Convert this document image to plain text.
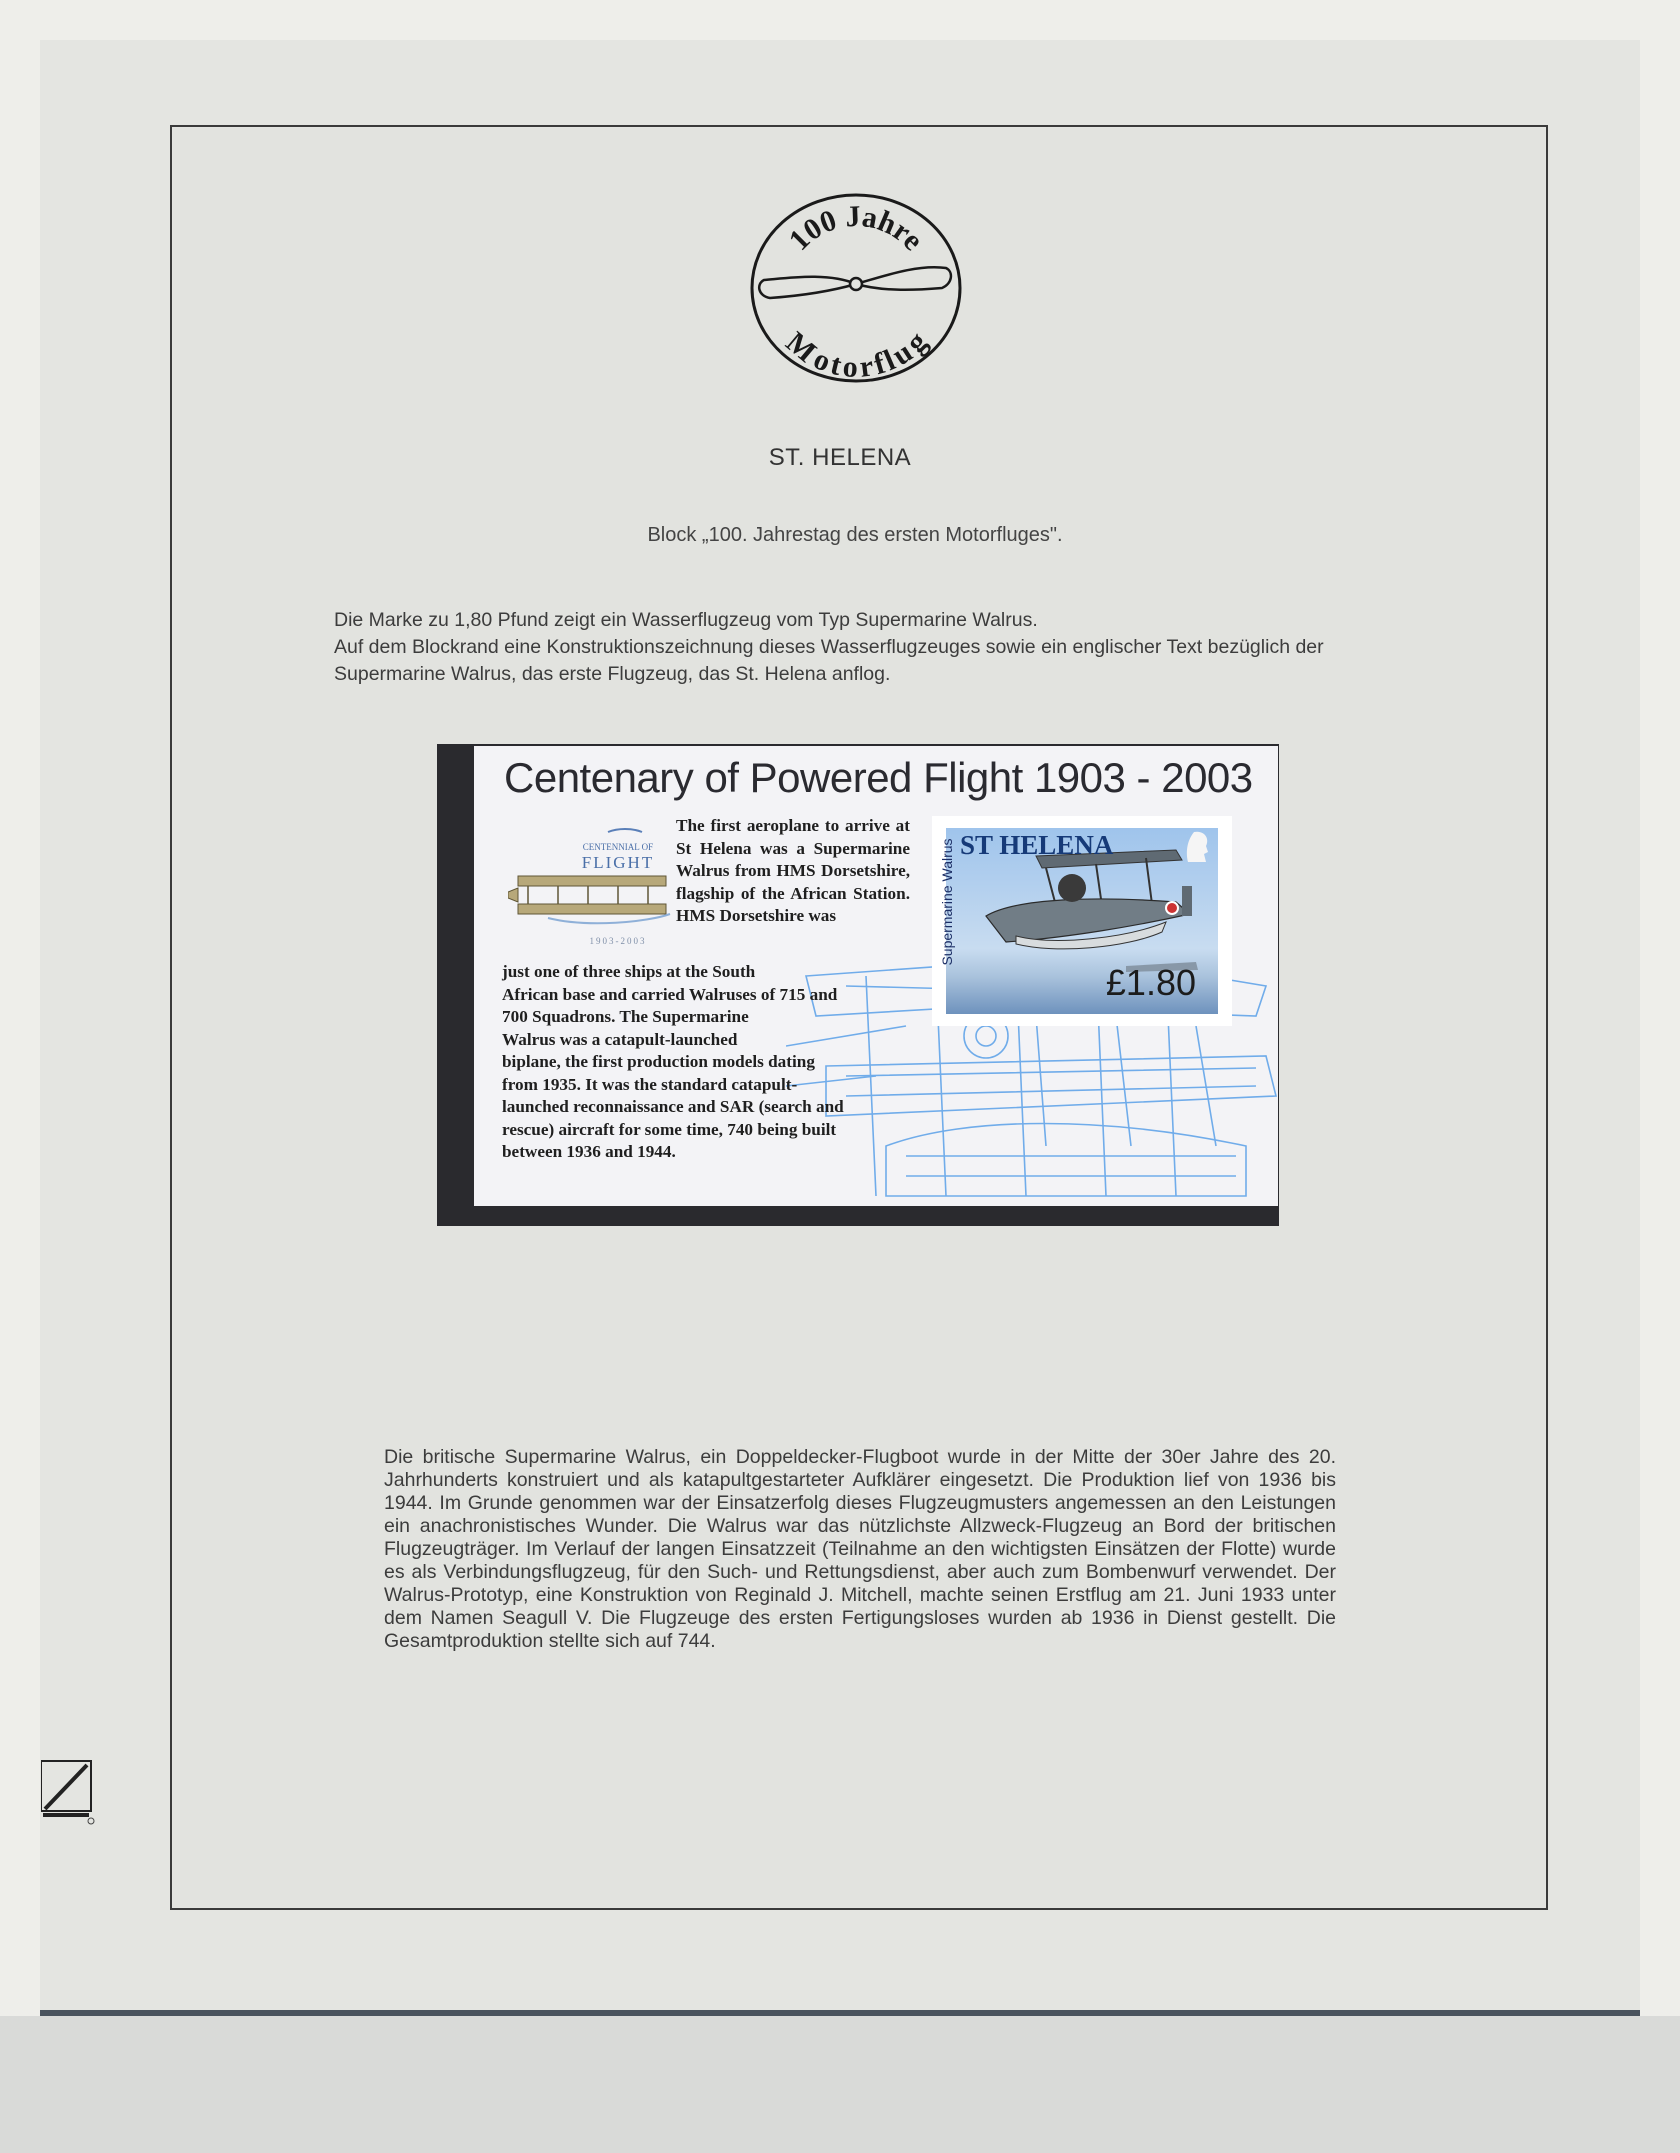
100 Jahre
Motorflug
ST. HELENA
Block „100. Jahrestag des ersten Motorfluges".
Die Marke zu 1,80 Pfund zeigt ein Wasserflugzeug vom Typ Supermarine Walrus.
Auf dem Blockrand eine Konstruktionszeichnung dieses Wasserflugzeuges sowie ein englischer Text bezüglich der
Supermarine Walrus, das erste Flugzeug, das St. Helena anflog.
Centenary of Powered Flight 1903 - 2003
CENTENNIAL OF
FLIGHT
1903-2003
The first aeroplane to arrive at St Helena was a Supermarine Walrus from HMS Dorsetshire, flagship of the African Station. HMS Dorsetshire was
just one of three ships at the South
African base and carried Walruses of 715 and
700 Squadrons. The Supermarine
Walrus was a catapult-launched
biplane, the first production models dating
from 1935. It was the standard catapult-
launched reconnaissance and SAR (search and
rescue) aircraft for some time, 740 being built
between 1936 and 1944.
ST HELENA
£1.80
Supermarine Walrus
Die britische Supermarine Walrus, ein Doppeldecker-Flugboot wurde in der Mitte der 30er Jahre des 20. Jahrhunderts konstruiert und als katapultgestarteter Aufklärer eingesetzt. Die Produktion lief von 1936 bis 1944. Im Grunde genommen war der Einsatzerfolg dieses Flugzeugmusters angemessen an den Leistungen ein anachronistisches Wunder. Die Walrus war das nützlichste Allzweck-Flugzeug an Bord der britischen Flugzeugträger. Im Verlauf der langen Einsatzzeit (Teilnahme an den wichtigsten Einsätzen der Flotte) wurde es als Verbindungsflugzeug, für den Such- und Rettungsdienst, aber auch zum Bombenwurf verwendet. Der Walrus-Prototyp, eine Konstruktion von Reginald J. Mitchell, machte seinen Erstflug am 21. Juni 1933 unter dem Namen Seagull V. Die Flugzeuge des ersten Fertigungsloses wurden ab 1936 in Dienst gestellt. Die Gesamtproduktion stellte sich auf 744.
